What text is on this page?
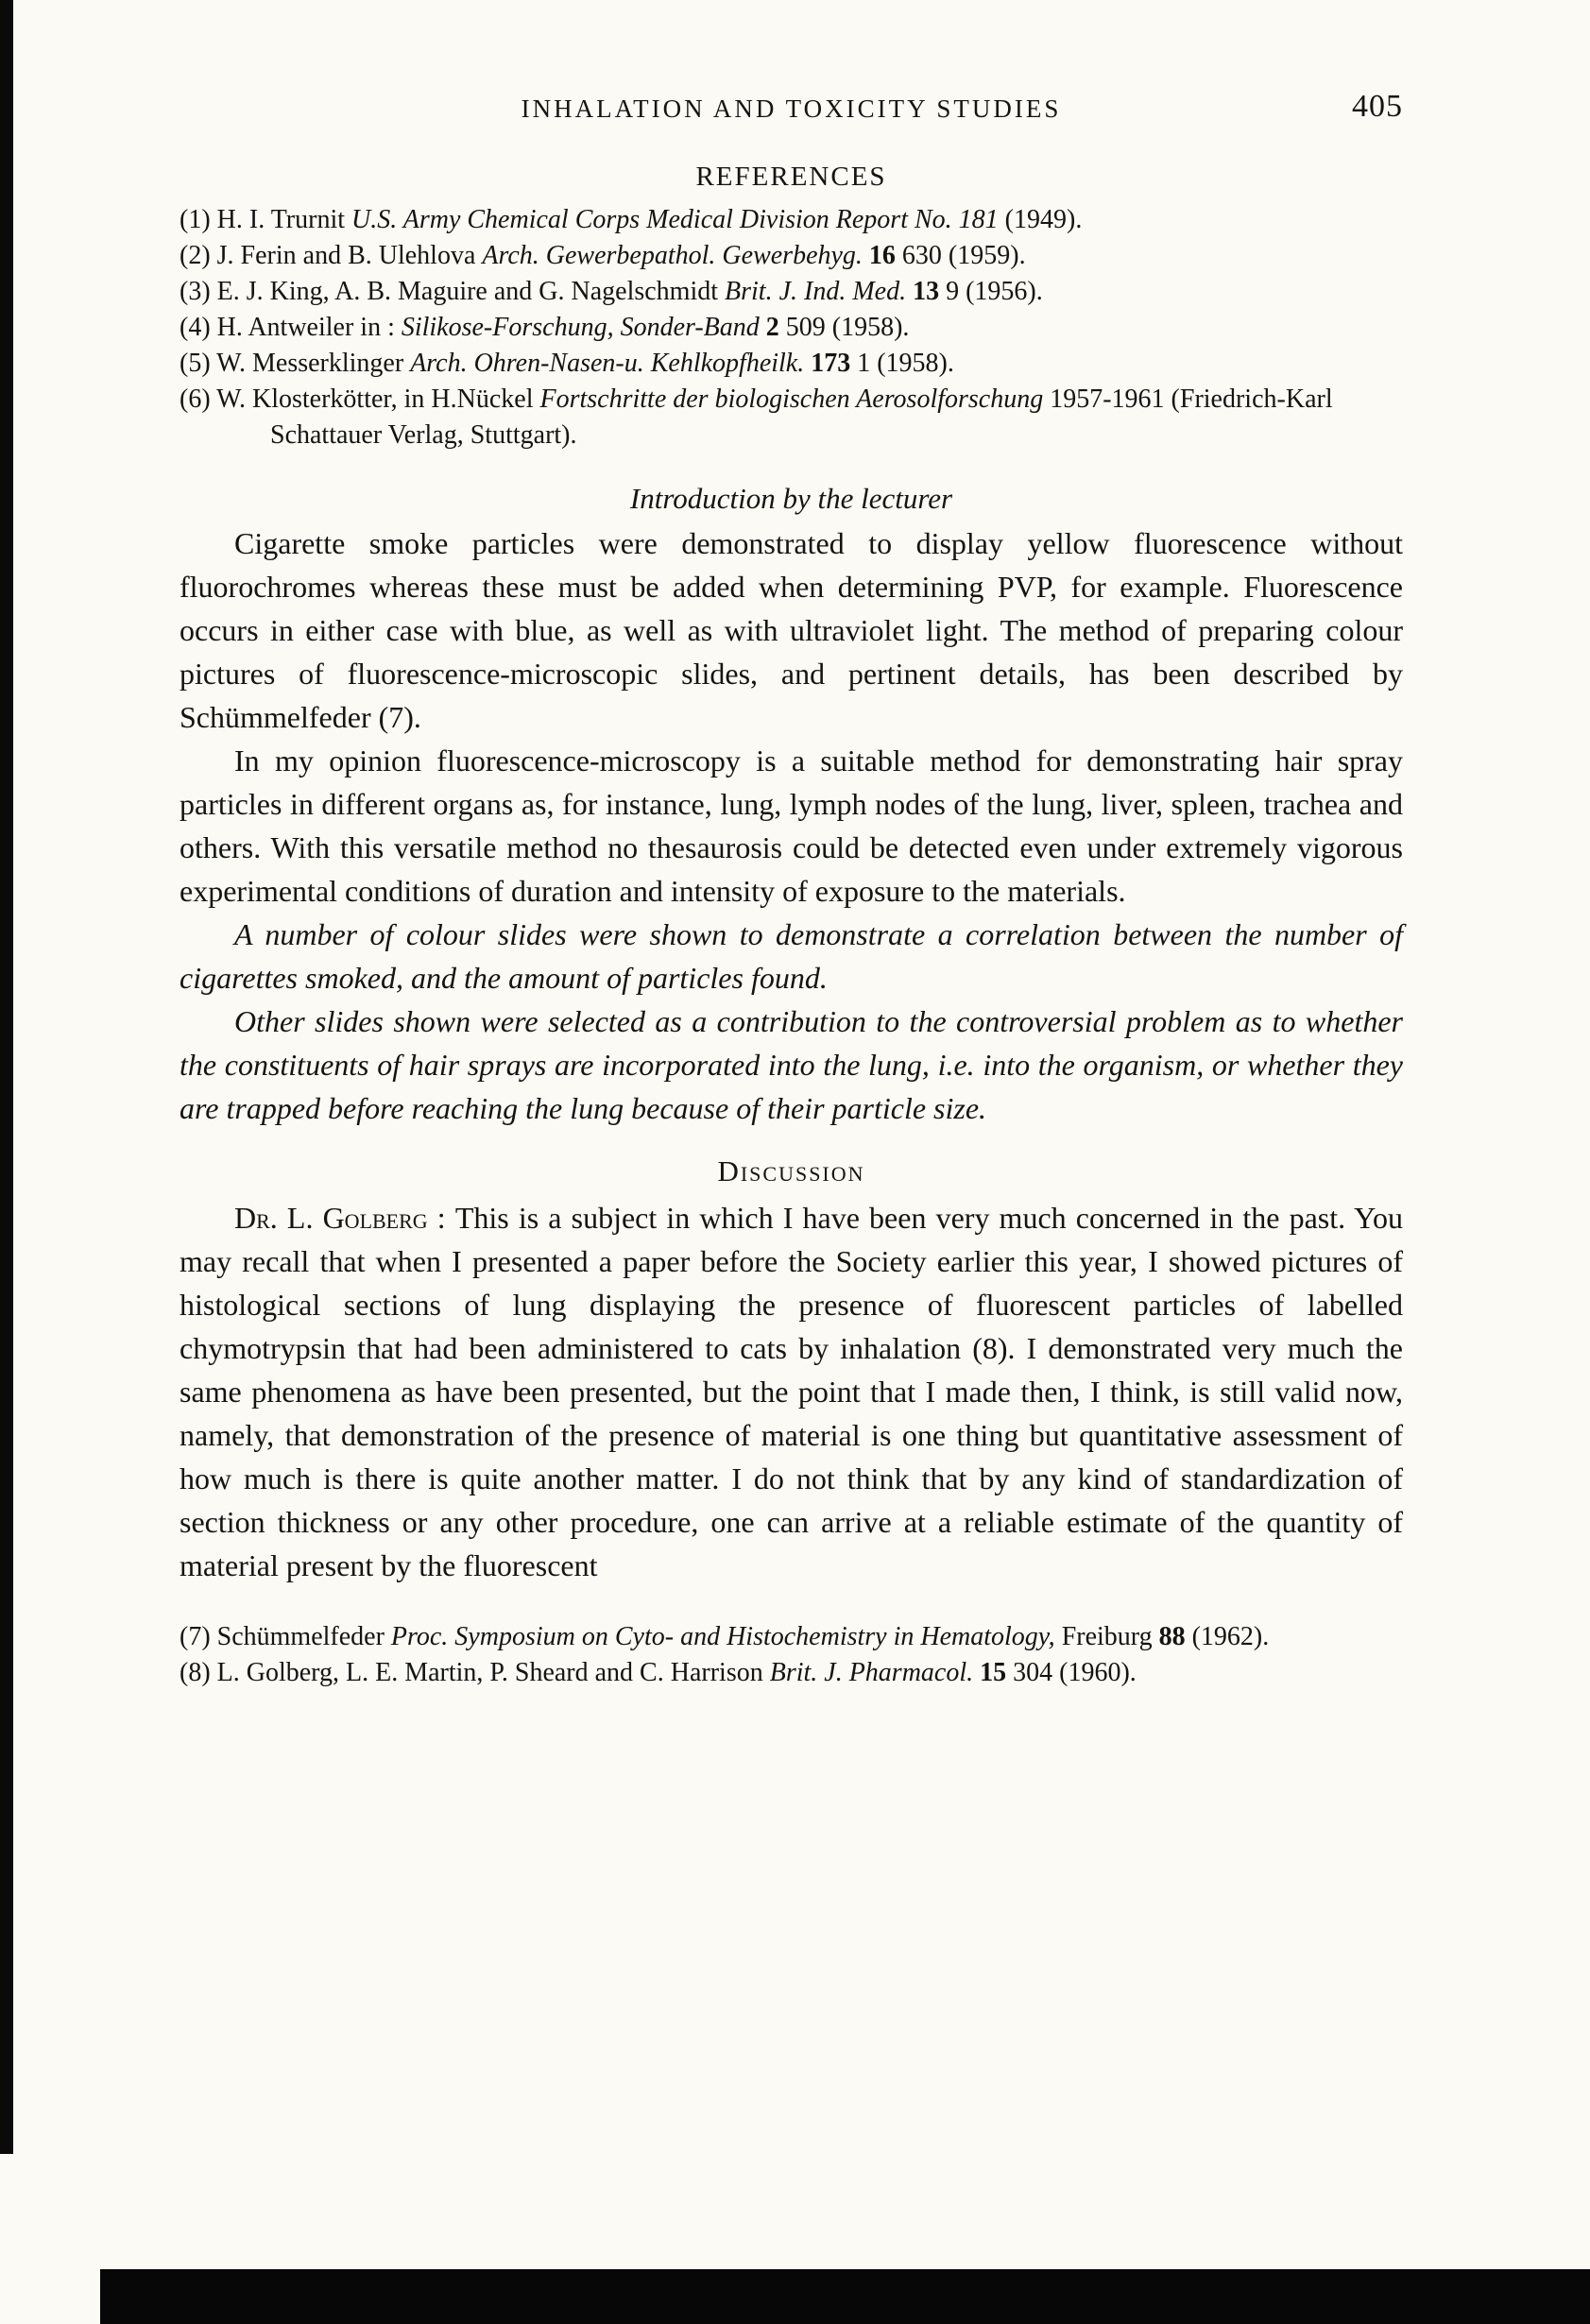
INHALATION AND TOXICITY STUDIES	405
REFERENCES

(1) H. I. Trurnit U.S. Army Chemical Corps Medical Division Report No. 181 (1949).

(2) J. Ferin and B. Ulehlova Arch. Gewerbepathol. Gewerbehyg. 16 630 (1959).

(3) E. J. King, A. B. Maguire and G. Nagelschmidt Brit. J. Ind. Med. 13 9 (1956).

(4) H. Antweiler in : Silikose-Forschung, Sonder-Band 2 509 (1958).

(5) W. Messerklinger Arch. Ohren-Nasen-u. Kehlkopfheilk. 173 1 (1958).

(6) W. Klosterkötter, in H.Nückel Fortschritte der biologischen Aerosolforschung 1957-1961 (Friedrich-Karl Schattauer Verlag, Stuttgart).

Introduction by the lecturer

Cigarette smoke particles were demonstrated to display yellow fluorescence without fluorochromes whereas these must be added when determining PVP, for example. Fluorescence occurs in either case with blue, as well as with ultraviolet light. The method of preparing colour pictures of fluorescence-microscopic slides, and pertinent details, has been described by Schümmelfeder (7).

In my opinion fluorescence-microscopy is a suitable method for demonstrating hair spray particles in different organs as, for instance, lung, lymph nodes of the lung, liver, spleen, trachea and others. With this versatile method no thesaurosis could be detected even under extremely vigorous experimental conditions of duration and intensity of exposure to the materials.

A number of colour slides were shown to demonstrate a correlation between the number of cigarettes smoked, and the amount of particles found.

Other slides shown were selected as a contribution to the controversial problem as to whether the constituents of hair sprays are incorporated into the lung, i.e. into the organism, or whether they are trapped before reaching the lung because of their particle size.

Discussion

Dr. L. Golberg : This is a subject in which I have been very much concerned in the past. You may recall that when I presented a paper before the Society earlier this year, I showed pictures of histological sections of lung displaying the presence of fluorescent particles of labelled chymotrypsin that had been administered to cats by inhalation (8). I demonstrated very much the same phenomena as have been presented, but the point that I made then, I think, is still valid now, namely, that demonstration of the presence of material is one thing but quantitative assessment of how much is there is quite another matter. I do not think that by any kind of standardization of section thickness or any other procedure, one can arrive at a reliable estimate of the quantity of material present by the fluorescent

(7) Schümmelfeder Proc. Symposium on Cyto- and Histochemistry in Hematology, Freiburg 88 (1962).

(8) L. Golberg, L. E. Martin, P. Sheard and C. Harrison Brit. J. Pharmacol. 15 304 (1960).
